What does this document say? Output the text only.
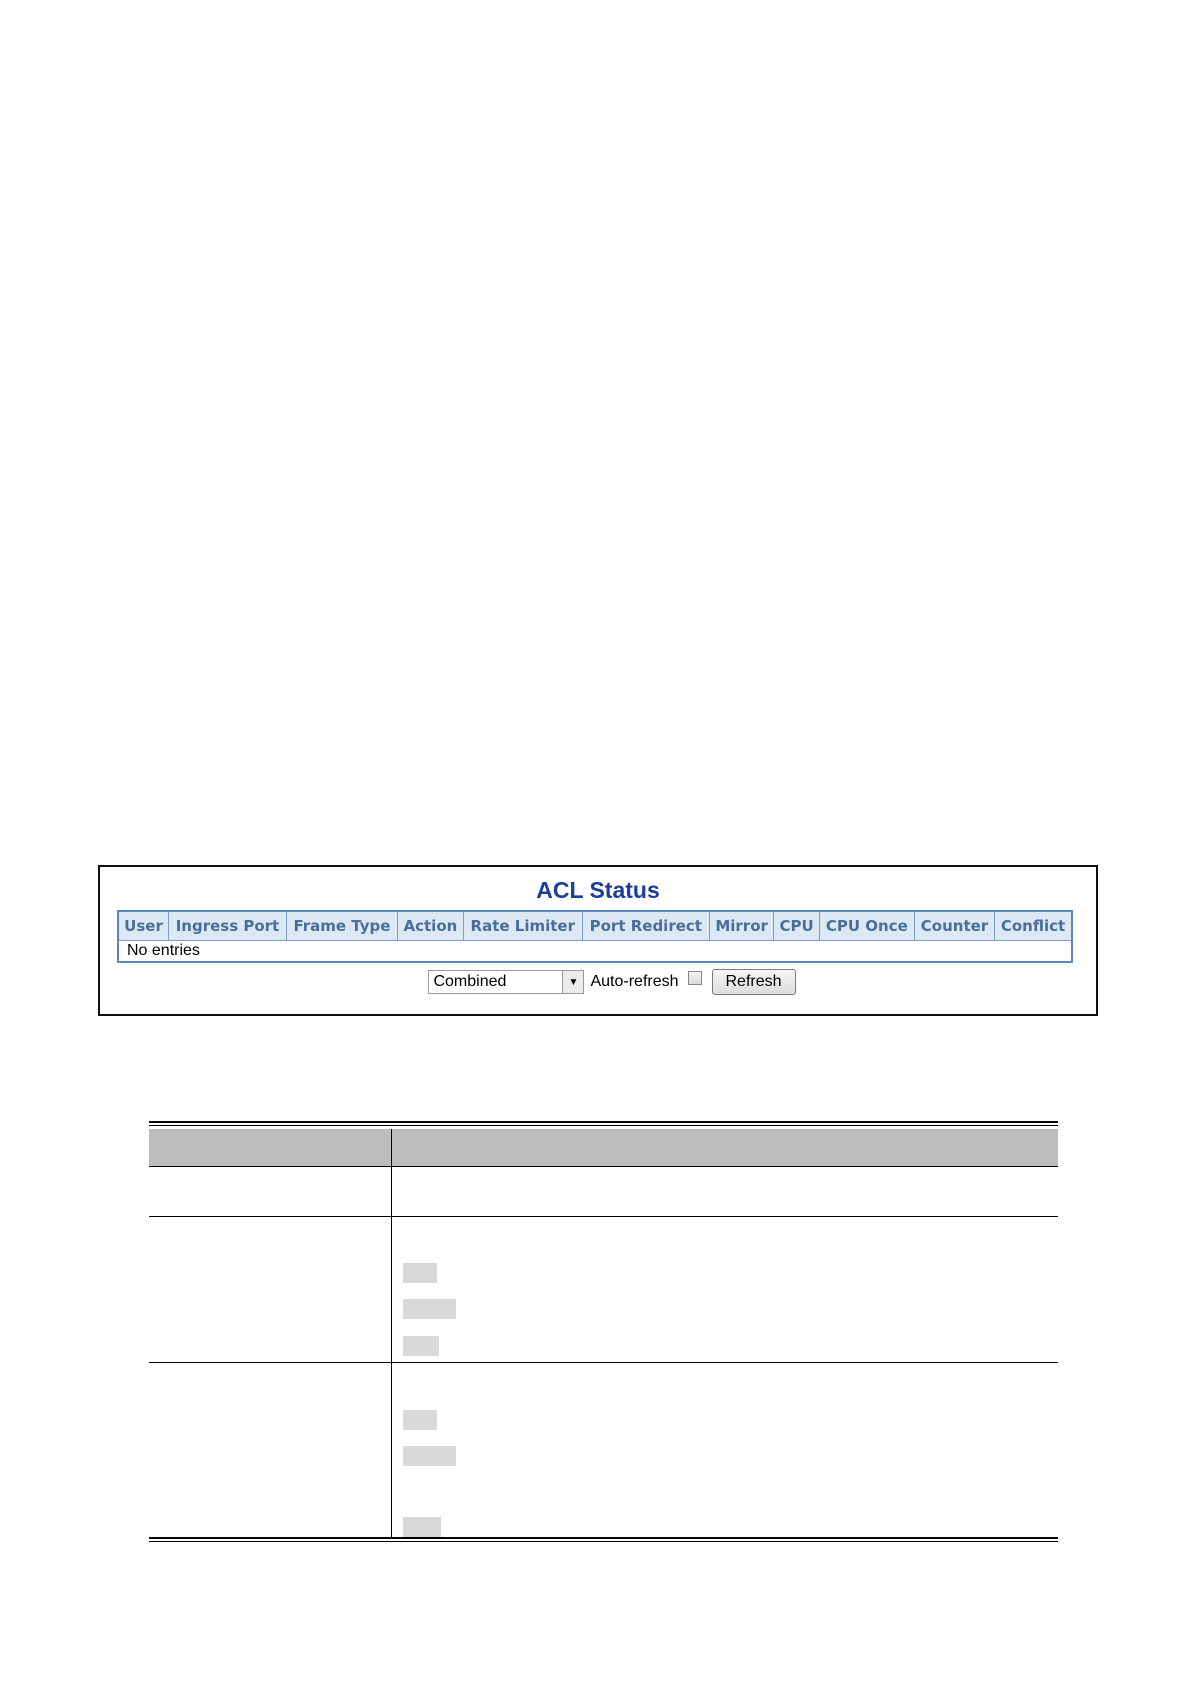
ACL Status
User	Ingress Port	Frame Type	Action	Rate Limiter	Port Redirect	Mirror	CPU	CPU Once	Counter	Conflict
No entries
Combined	▼ Auto-refresh	Refresh
